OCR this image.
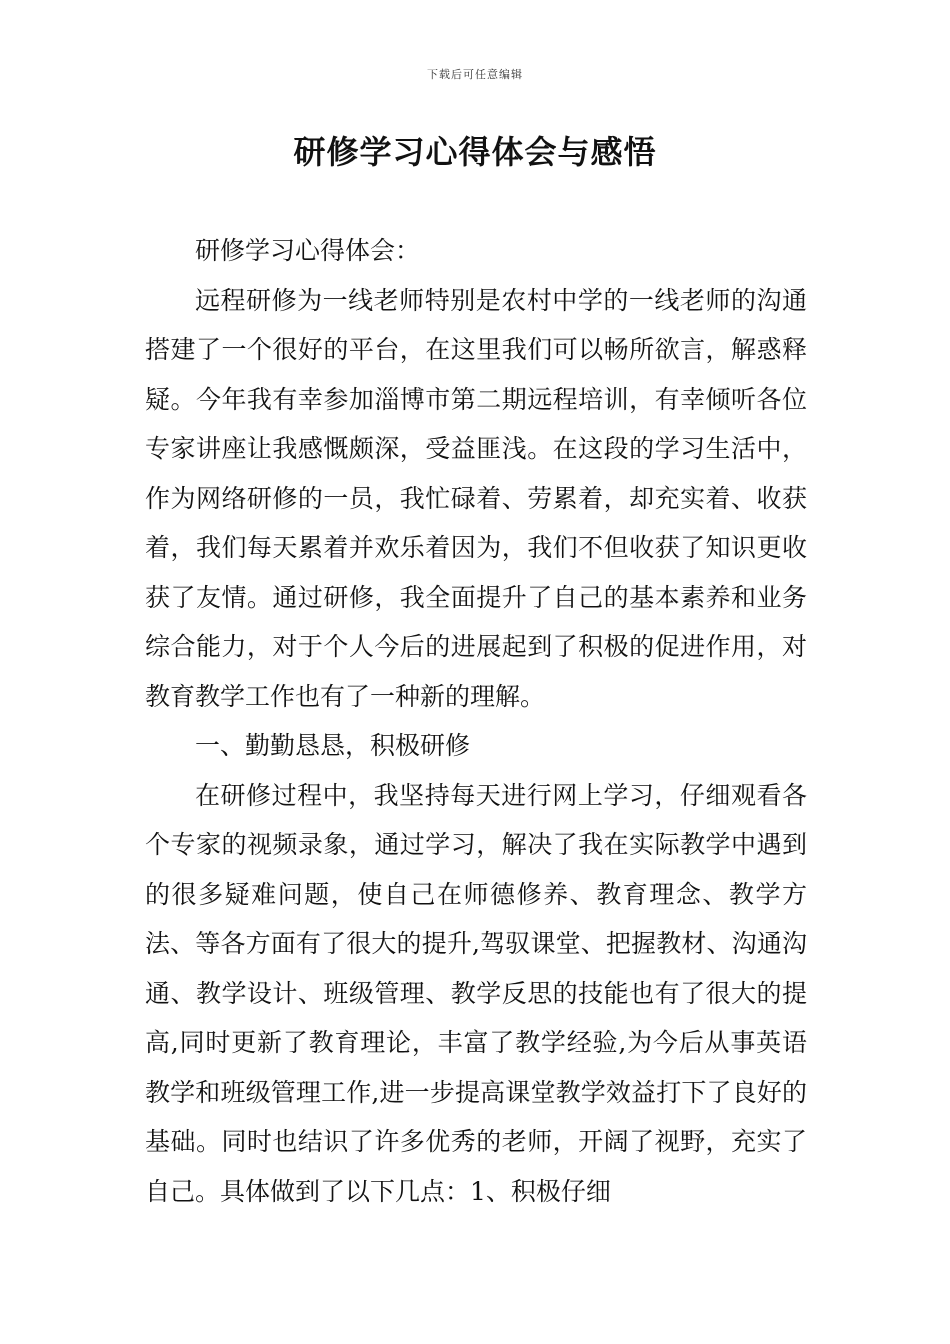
下载后可任意编辑
研修学习心得体会与感悟

研修学习心得体会：

远程研修为一线老师特别是农村中学的一线老师的沟通搭建了一个很好的平台，在这里我们可以畅所欲言，解惑释疑。今年我有幸参加淄博市第二期远程培训，有幸倾听各位专家讲座让我感慨颇深，受益匪浅。在这段的学习生活中，作为网络研修的一员，我忙碌着、劳累着，却充实着、收获着，我们每天累着并欢乐着因为，我们不但收获了知识更收获了友情。通过研修，我全面提升了自己的基本素养和业务综合能力，对于个人今后的进展起到了积极的促进作用，对教育教学工作也有了一种新的理解。

一、勤勤恳恳，积极研修

在研修过程中，我坚持每天进行网上学习，仔细观看各个专家的视频录象，通过学习，解决了我在实际教学中遇到的很多疑难问题，使自己在师德修养、教育理念、教学方法、等各方面有了很大的提升,驾驭课堂、把握教材、沟通沟通、教学设计、班级管理、教学反思的技能也有了很大的提高,同时更新了教育理论，丰富了教学经验,为今后从事英语教学和班级管理工作,进一步提高课堂教学效益打下了良好的基础。同时也结识了许多优秀的老师，开阔了视野，充实了自己。具体做到了以下几点：1、积极仔细
